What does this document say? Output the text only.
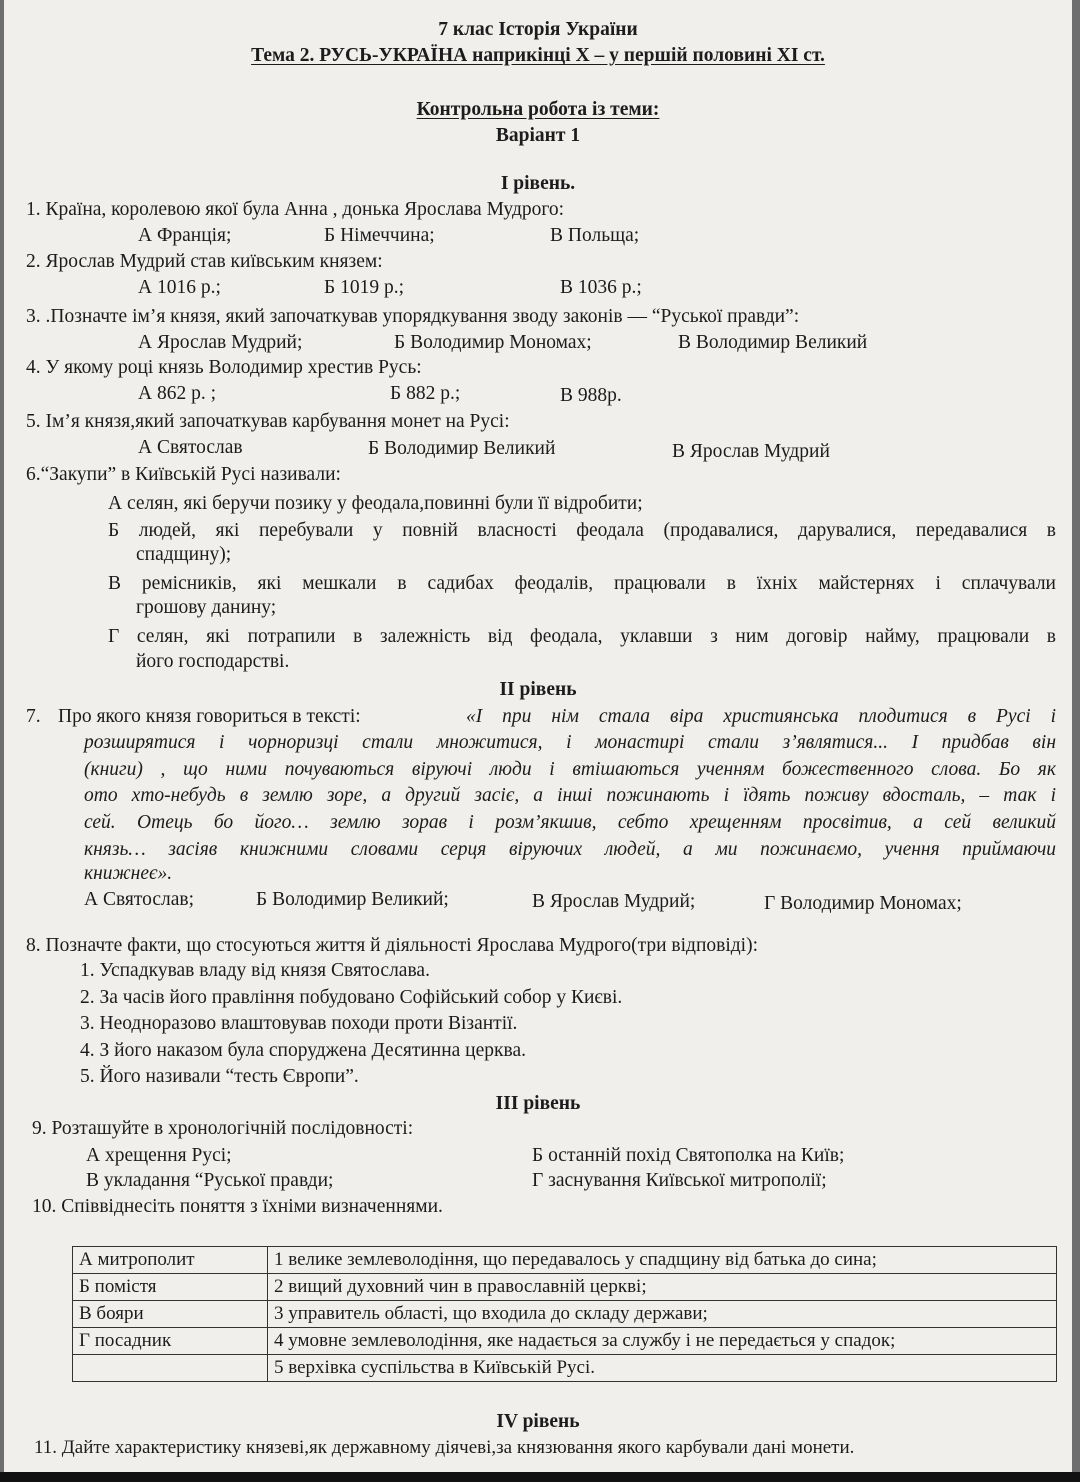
7 клас Історія України
Тема 2. РУСЬ-УКРАЇНА наприкінці Х – у першій половині ХІ ст.
Контрольна робота із теми:
Варіант 1
І рівень.
1. Країна, королевою якої була Анна , донька Ярослава Мудрого:
А Франція;	Б Німеччина;	В Польща;
2. Ярослав Мудрий став київським князем:
А 1016 р.;	Б 1019 р.;	В 1036 р.;
3. .Позначте ім’я князя, який започаткував упорядкування зводу законів — “Руської правди”:
А Ярослав Мудрий;	Б Володимир Мономах;	В Володимир Великий
4. У якому році князь Володимир хрестив Русь:
А 862 р. ;	Б 882 р.;	В 988р.
5. Ім’я князя,який започаткував карбування монет на Русі:
А Святослав	Б Володимир Великий	В Ярослав Мудрий
6.“Закупи” в Київській Русі називали:
А селян, які беручи позику у феодала,повинні були її відробити;
Б людей, які перебували у повній власності феодала (продавалися, дарувалися, передавалися в
спадщину);
В ремісників, які мешкали в садибах феодалів, працювали в їхніх майстернях і сплачували
грошову данину;
Г селян, які потрапили в залежність від феодала, уклавши з ним договір найму, працювали в
його господарстві.
ІІ рівень
7. Про якого князя говориться в тексті:	«І при нім стала віра християнська плодитися в Русі і
розширятися і чорноризці стали множитися, і монастирі стали з’являтися... І придбав він
(книги) , що ними почуваються віруючі люди і втішаються ученням божественного слова. Бо як
ото хто-небудь в землю зоре, а другий засіє, а інші пожинають і їдять поживу вдосталь, – так і
сей. Отець бо його… землю зорав і розм’якшив, себто хрещенням просвітив, а сей великий
князь… засіяв книжними словами серця віруючих людей, а ми пожинаємо, учення приймаючи
книжнеє».
А Святослав;	Б Володимир Великий;	В Ярослав Мудрий;	Г Володимир Мономах;
8. Позначте факти, що стосуються життя й діяльності Ярослава Мудрого(три відповіді):
1. Успадкував владу від князя Святослава.
2. За часів його правління побудовано Софійський собор у Києві.
3. Неодноразово влаштовував походи проти Візантії.
4. З його наказом була споруджена Десятинна церква.
5. Його називали “тесть Європи”.
ІІІ рівень
9. Розташуйте в хронологічній послідовності:
А хрещення Русі;	Б останній похід Святополка на Київ;
В укладання “Руської правди;	Г заснування Київської митрополії;
10. Співвіднесіть поняття з їхніми визначеннями.
А митрополит	1 велике землеволодіння, що передавалось у спадщину від батька до сина;
Б помістя	2 вищий духовний чин в православній церкві;
В бояри	3 управитель області, що входила до складу держави;
Г посадник	4 умовне землеволодіння, яке надається за службу і не передається у спадок;
	5 верхівка суспільства в Київській Русі.
IV рівень
11. Дайте характеристику князеві,як державному діячеві,за князювання якого карбували дані монети.
